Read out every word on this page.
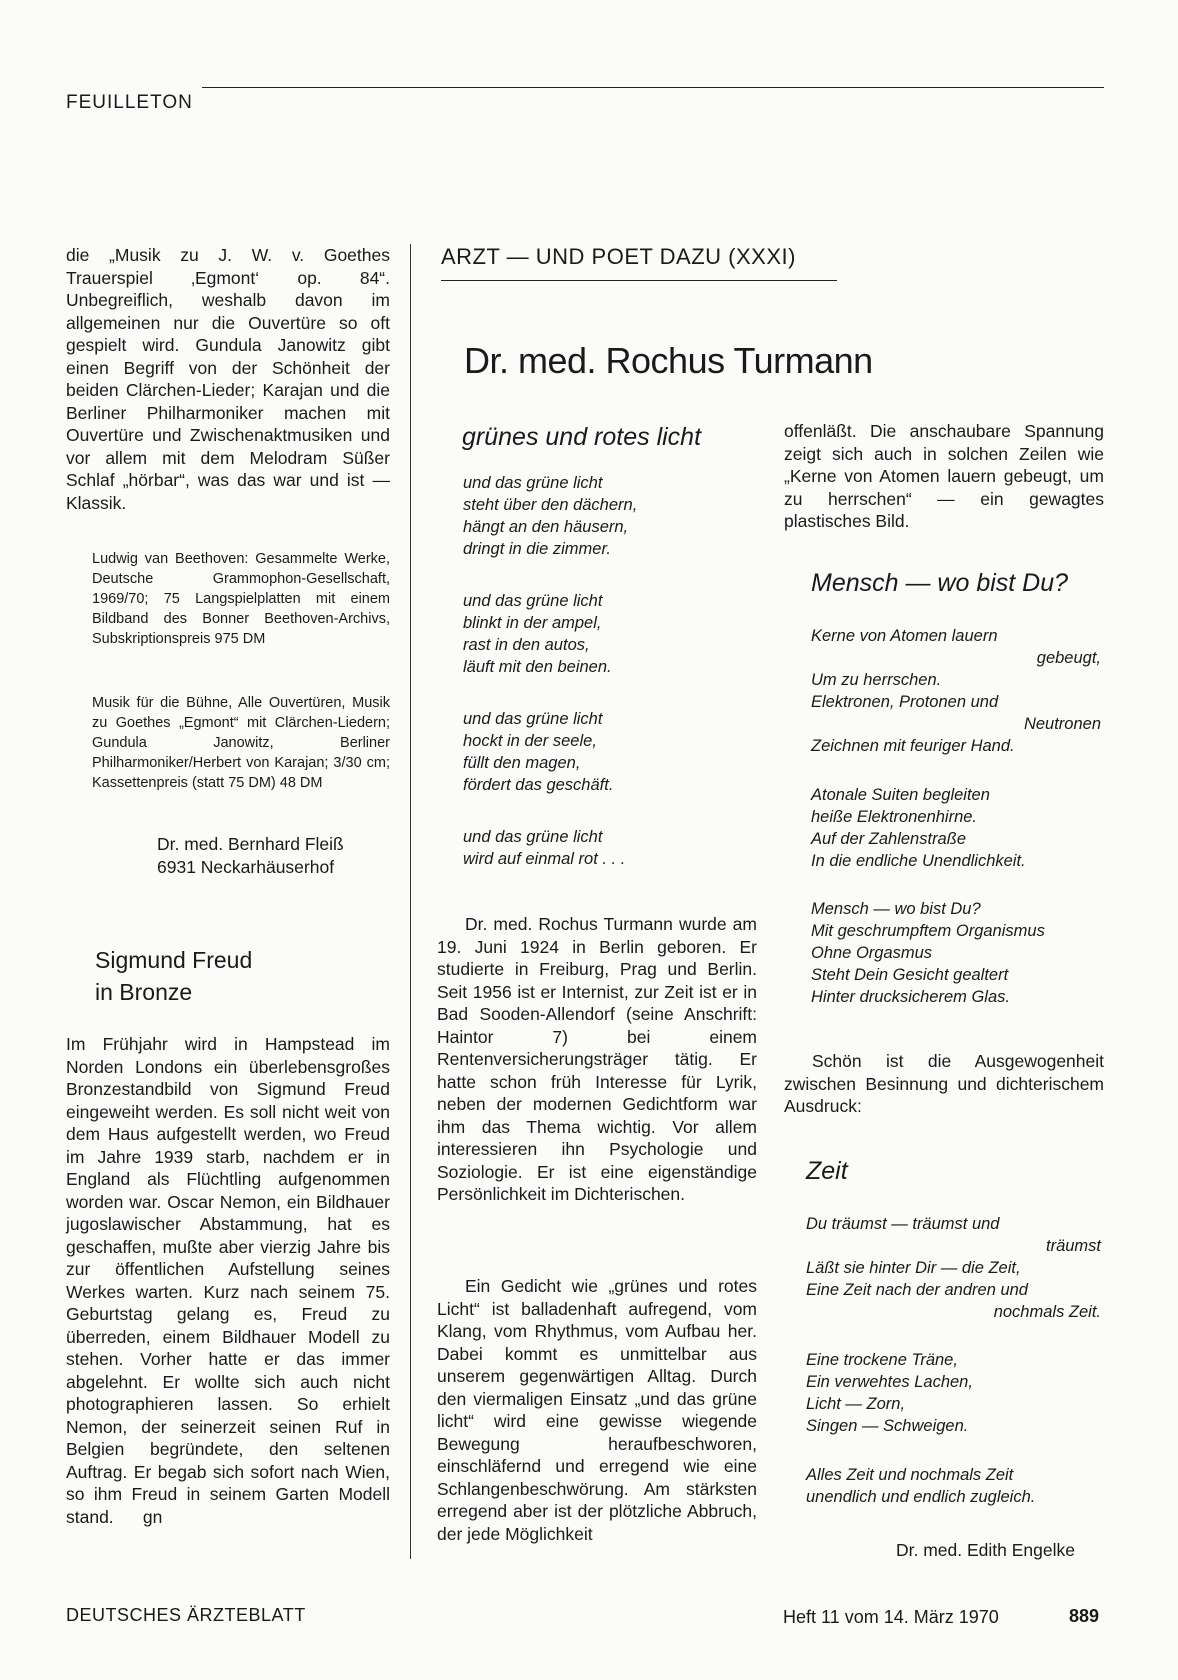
FEUILLETON

die „Musik zu J. W. v. Goethes Trauerspiel ‚Egmont‘ op. 84“. Unbegreiflich, weshalb davon im allgemeinen nur die Ouvertüre so oft gespielt wird. Gundula Janowitz gibt einen Begriff von der Schönheit der beiden Clärchen-Lieder; Karajan und die Berliner Philharmoniker machen mit Ouvertüre und Zwischenaktmusiken und vor allem mit dem Melodram Süßer Schlaf „hörbar“, was das war und ist — Klassik.

Ludwig van Beethoven: Gesammelte Werke, Deutsche Grammophon-Gesellschaft, 1969/70; 75 Langspielplatten mit einem Bildband des Bonner Beethoven-Archivs, Subskriptionspreis 975 DM

Musik für die Bühne, Alle Ouvertüren, Musik zu Goethes „Egmont“ mit Clärchen-Liedern; Gundula Janowitz, Berliner Philharmoniker/Herbert von Karajan; 3/30 cm; Kassettenpreis (statt 75 DM) 48 DM

Dr. med. Bernhard Fleiß
6931 Neckarhäuserhof
Sigmund Freud
in Bronze

Im Frühjahr wird in Hampstead im Norden Londons ein überlebensgroßes Bronzestandbild von Sigmund Freud eingeweiht werden. Es soll nicht weit von dem Haus aufgestellt werden, wo Freud im Jahre 1939 starb, nachdem er in England als Flüchtling aufgenommen worden war. Oscar Nemon, ein Bildhauer jugoslawischer Abstammung, hat es geschaffen, mußte aber vierzig Jahre bis zur öffentlichen Aufstellung seines Werkes warten. Kurz nach seinem 75. Geburtstag gelang es, Freud zu überreden, einem Bildhauer Modell zu stehen. Vorher hatte er das immer abgelehnt. Er wollte sich auch nicht photographieren lassen. So erhielt Nemon, der seinerzeit seinen Ruf in Belgien begründete, den seltenen Auftrag. Er begab sich sofort nach Wien, so ihm Freud in seinem Garten Modell stand. gn

ARZT — UND POET DAZU (XXXI)
Dr. med. Rochus Turmann
grünes und rotes licht
und das grüne licht
steht über den dächern,
hängt an den häusern,
dringt in die zimmer.
und das grüne licht
blinkt in der ampel,
rast in den autos,
läuft mit den beinen.
und das grüne licht
hockt in der seele,
füllt den magen,
fördert das geschäft.
und das grüne licht
wird auf einmal rot . . .

Dr. med. Rochus Turmann wurde am 19. Juni 1924 in Berlin geboren. Er studierte in Freiburg, Prag und Berlin. Seit 1956 ist er Internist, zur Zeit ist er in Bad Sooden-Allendorf (seine Anschrift: Haintor 7) bei einem Rentenversicherungsträger tätig. Er hatte schon früh Interesse für Lyrik, neben der modernen Gedichtform war ihm das Thema wichtig. Vor allem interessieren ihn Psychologie und Soziologie. Er ist eine eigenständige Persönlichkeit im Dichterischen.

Ein Gedicht wie „grünes und rotes Licht“ ist balladenhaft aufregend, vom Klang, vom Rhythmus, vom Aufbau her. Dabei kommt es unmittelbar aus unserem gegenwärtigen Alltag. Durch den viermaligen Einsatz „und das grüne licht“ wird eine gewisse wiegende Bewegung heraufbeschworen, einschläfernd und erregend wie eine Schlangenbeschwörung. Am stärksten erregend aber ist der plötzliche Abbruch, der jede Möglichkeit

offenläßt. Die anschaubare Spannung zeigt sich auch in solchen Zeilen wie „Kerne von Atomen lauern gebeugt, um zu herrschen“ — ein gewagtes plastisches Bild.

Mensch — wo bist Du?
Kerne von Atomen lauern
gebeugt,
Um zu herrschen.
Elektronen, Protonen und
Neutronen
Zeichnen mit feuriger Hand.
Atonale Suiten begleiten
heiße Elektronenhirne.
Auf der Zahlenstraße
In die endliche Unendlichkeit.
Mensch — wo bist Du?
Mit geschrumpftem Organismus
Ohne Orgasmus
Steht Dein Gesicht gealtert
Hinter drucksicherem Glas.

Schön ist die Ausgewogenheit zwischen Besinnung und dichterischem Ausdruck:

Zeit
Du träumst — träumst und
träumst
Läßt sie hinter Dir — die Zeit,
Eine Zeit nach der andren und
nochmals Zeit.
Eine trockene Träne,
Ein verwehtes Lachen,
Licht — Zorn,
Singen — Schweigen.
Alles Zeit und nochmals Zeit
unendlich und endlich zugleich.
Dr. med. Edith Engelke
DEUTSCHES ÄRZTEBLATT	Heft 11 vom 14. März 1970	889
